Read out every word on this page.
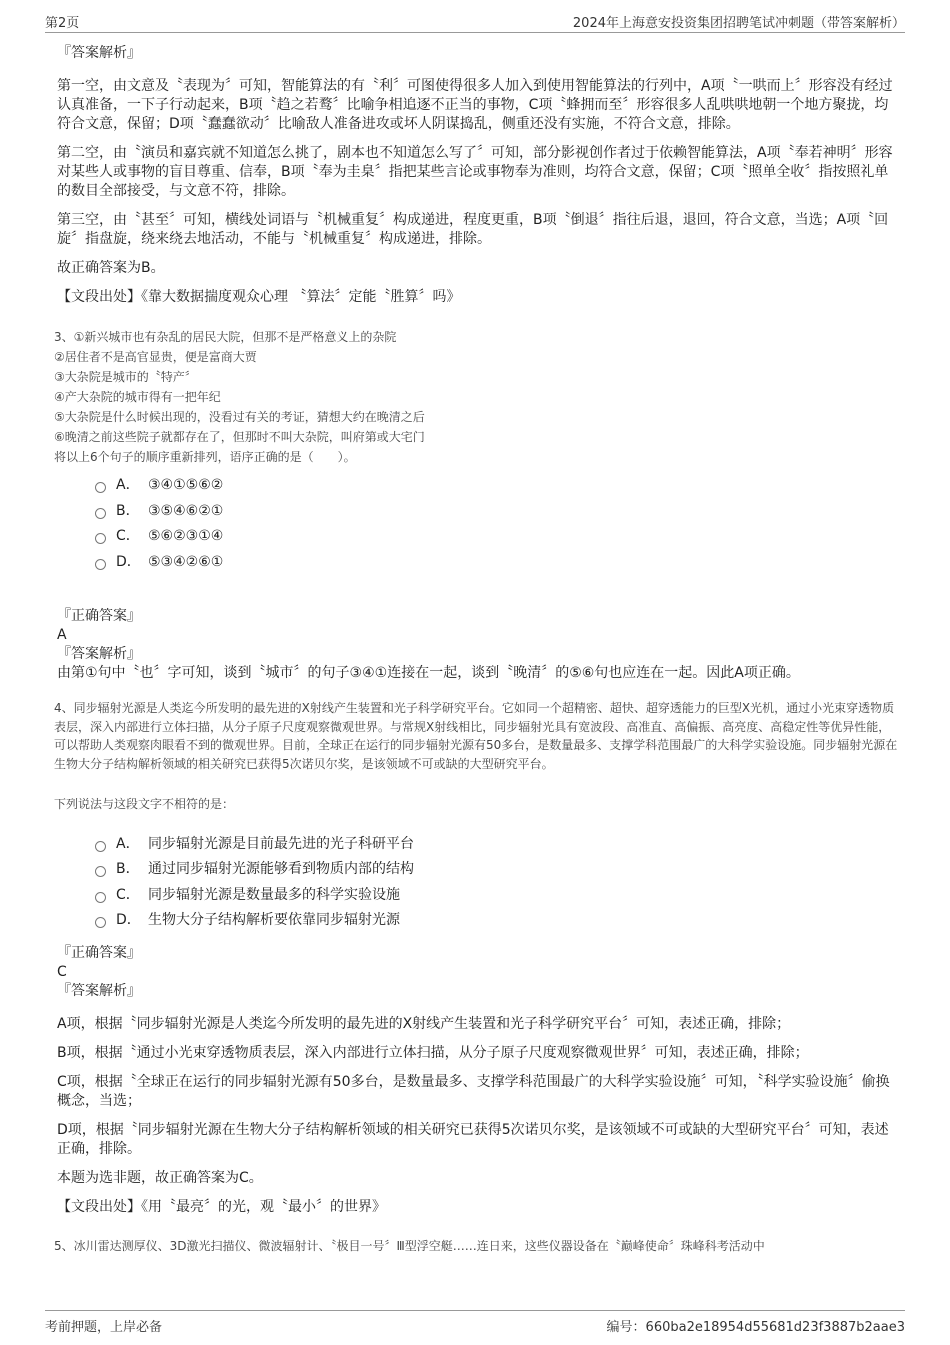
第2页	2024年上海意安投资集团招聘笔试冲刺题（带答案解析）

『答案解析』

第一空，由文意及〝表现为〞可知，智能算法的有〝利〞可图使得很多人加入到使用智能算法的行列中，A项〝一哄而上〞形容没有经过认真准备，一下子行动起来，B项〝趋之若鹜〞比喻争相追逐不正当的事物，C项〝蜂拥而至〞形容很多人乱哄哄地朝一个地方聚拢，均符合文意，保留；D项〝蠢蠢欲动〞比喻敌人准备进攻或坏人阴谋捣乱，侧重还没有实施，不符合文意，排除。

第二空，由〝演员和嘉宾就不知道怎么挑了，剧本也不知道怎么写了〞可知，部分影视创作者过于依赖智能算法，A项〝奉若神明〞形容对某些人或事物的盲目尊重、信奉，B项〝奉为圭臬〞指把某些言论或事物奉为准则，均符合文意，保留；C项〝照单全收〞指按照礼单的数目全部接受，与文意不符，排除。

第三空，由〝甚至〞可知，横线处词语与〝机械重复〞构成递进，程度更重，B项〝倒退〞指往后退，退回，符合文意，当选；A项〝回旋〞指盘旋，绕来绕去地活动，不能与〝机械重复〞构成递进，排除。

故正确答案为B。

【文段出处】《靠大数据揣度观众心理 〝算法〞定能〝胜算〞吗》

3、①新兴城市也有杂乱的居民大院，但那不是严格意义上的杂院

②居住者不是高官显贵，便是富商大贾

③大杂院是城市的〝特产〞

④产大杂院的城市得有一把年纪

⑤大杂院是什么时候出现的，没看过有关的考证，猜想大约在晚清之后

⑥晚清之前这些院子就都存在了，但那时不叫大杂院，叫府第或大宅门

将以上6个句子的顺序重新排列，语序正确的是（　　）。

A． ③④①⑤⑥②
B． ③⑤④⑥②①
C． ⑤⑥②③①④
D． ⑤③④②⑥①

『正确答案』

A

『答案解析』

由第①句中〝也〞字可知，谈到〝城市〞的句子③④①连接在一起，谈到〝晚清〞的⑤⑥句也应连在一起。因此A项正确。

4、同步辐射光源是人类迄今所发明的最先进的X射线产生装置和光子科学研究平台。它如同一个超精密、超快、超穿透能力的巨型X光机，通过小光束穿透物质表层，深入内部进行立体扫描，从分子原子尺度观察微观世界。与常规X射线相比，同步辐射光具有宽波段、高准直、高偏振、高亮度、高稳定性等优异性能，可以帮助人类观察肉眼看不到的微观世界。目前，全球正在运行的同步辐射光源有50多台，是数量最多、支撑学科范围最广的大科学实验设施。同步辐射光源在生物大分子结构解析领域的相关研究已获得5次诺贝尔奖，是该领域不可或缺的大型研究平台。

下列说法与这段文字不相符的是：

A． 同步辐射光源是目前最先进的光子科研平台
B． 通过同步辐射光源能够看到物质内部的结构
C． 同步辐射光源是数量最多的科学实验设施
D． 生物大分子结构解析要依靠同步辐射光源

『正确答案』

C

『答案解析』

A项，根据〝同步辐射光源是人类迄今所发明的最先进的X射线产生装置和光子科学研究平台〞可知，表述正确，排除；

B项，根据〝通过小光束穿透物质表层，深入内部进行立体扫描，从分子原子尺度观察微观世界〞可知，表述正确，排除；

C项，根据〝全球正在运行的同步辐射光源有50多台，是数量最多、支撑学科范围最广的大科学实验设施〞可知，〝科学实验设施〞偷换概念，当选；

D项，根据〝同步辐射光源在生物大分子结构解析领域的相关研究已获得5次诺贝尔奖，是该领域不可或缺的大型研究平台〞可知，表述正确，排除。

本题为选非题，故正确答案为C。

【文段出处】《用〝最亮〞的光，观〝最小〞的世界》

5、冰川雷达测厚仪、3D激光扫描仪、微波辐射计、〝极目一号〞Ⅲ型浮空艇……连日来，这些仪器设备在〝巅峰使命〞珠峰科考活动中

考前押题，上岸必备	编号：660ba2e18954d55681d23f3887b2aae3
